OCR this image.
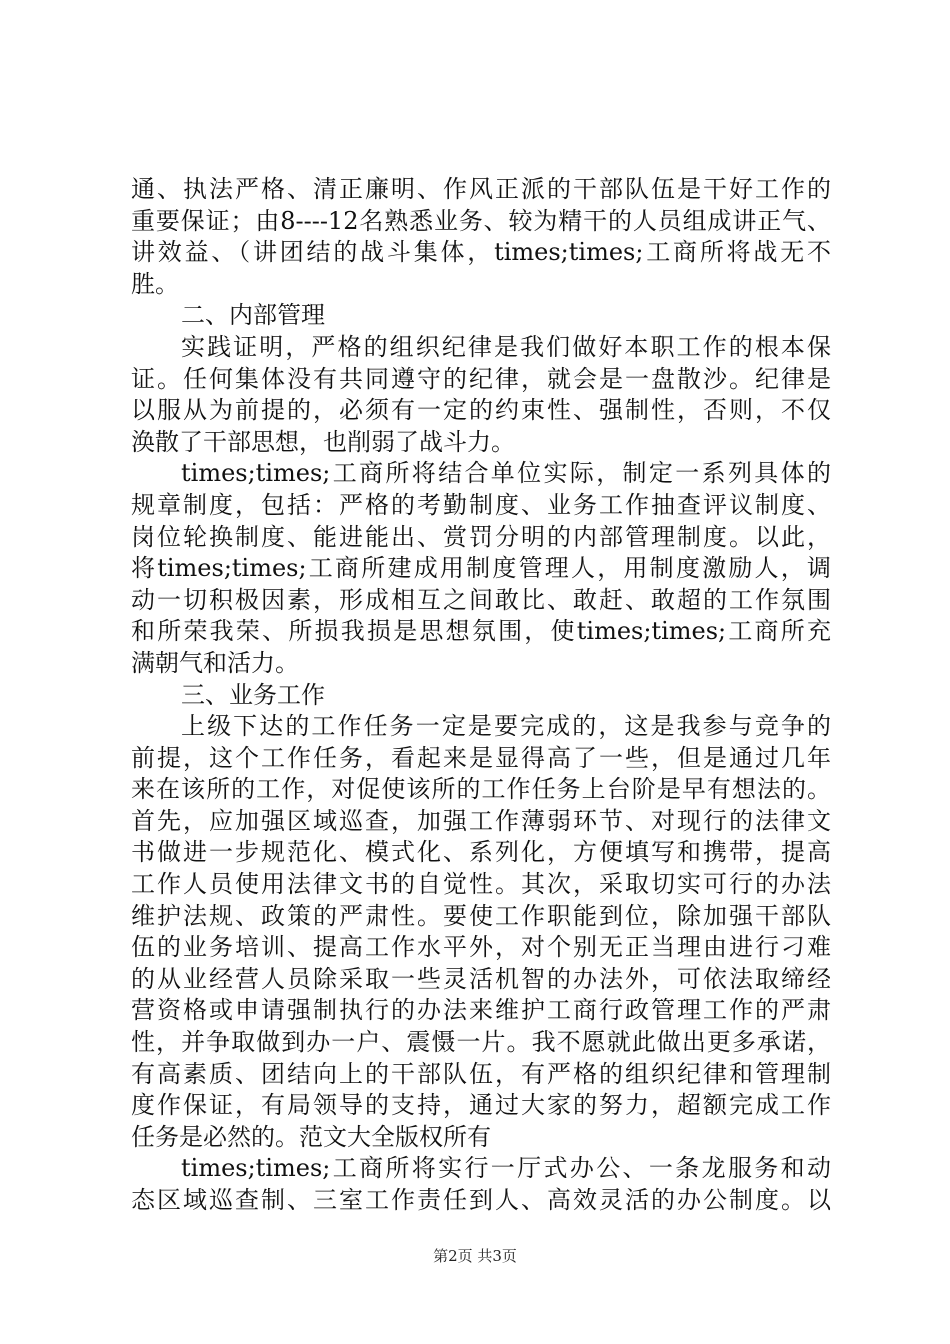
通、执法严格、清正廉明、作风正派的干部队伍是干好工作的
重要保证；由8----12名熟悉业务、较为精干的人员组成讲正气、
讲效益、（讲团结的战斗集体，times;times;工商所将战无不
胜。
二、内部管理
实践证明，严格的组织纪律是我们做好本职工作的根本保
证。任何集体没有共同遵守的纪律，就会是一盘散沙。纪律是
以服从为前提的，必须有一定的约束性、强制性，否则，不仅
涣散了干部思想，也削弱了战斗力。
times;times;工商所将结合单位实际，制定一系列具体的
规章制度，包括：严格的考勤制度、业务工作抽查评议制度、
岗位轮换制度、能进能出、赏罚分明的内部管理制度。以此，
将times;times;工商所建成用制度管理人，用制度激励人，调
动一切积极因素，形成相互之间敢比、敢赶、敢超的工作氛围
和所荣我荣、所损我损是思想氛围，使times;times;工商所充
满朝气和活力。
三、业务工作
上级下达的工作任务一定是要完成的，这是我参与竞争的
前提，这个工作任务，看起来是显得高了一些，但是通过几年
来在该所的工作，对促使该所的工作任务上台阶是早有想法的。
首先，应加强区域巡查，加强工作薄弱环节、对现行的法律文
书做进一步规范化、模式化、系列化，方便填写和携带，提高
工作人员使用法律文书的自觉性。其次，采取切实可行的办法
维护法规、政策的严肃性。要使工作职能到位，除加强干部队
伍的业务培训、提高工作水平外，对个别无正当理由进行刁难
的从业经营人员除采取一些灵活机智的办法外，可依法取缔经
营资格或申请强制执行的办法来维护工商行政管理工作的严肃
性，并争取做到办一户、震慑一片。我不愿就此做出更多承诺，
有高素质、团结向上的干部队伍，有严格的组织纪律和管理制
度作保证，有局领导的支持，通过大家的努力，超额完成工作
任务是必然的。范文大全版权所有
times;times;工商所将实行一厅式办公、一条龙服务和动
态区域巡查制、三室工作责任到人、高效灵活的办公制度。以
第2页 共3页
